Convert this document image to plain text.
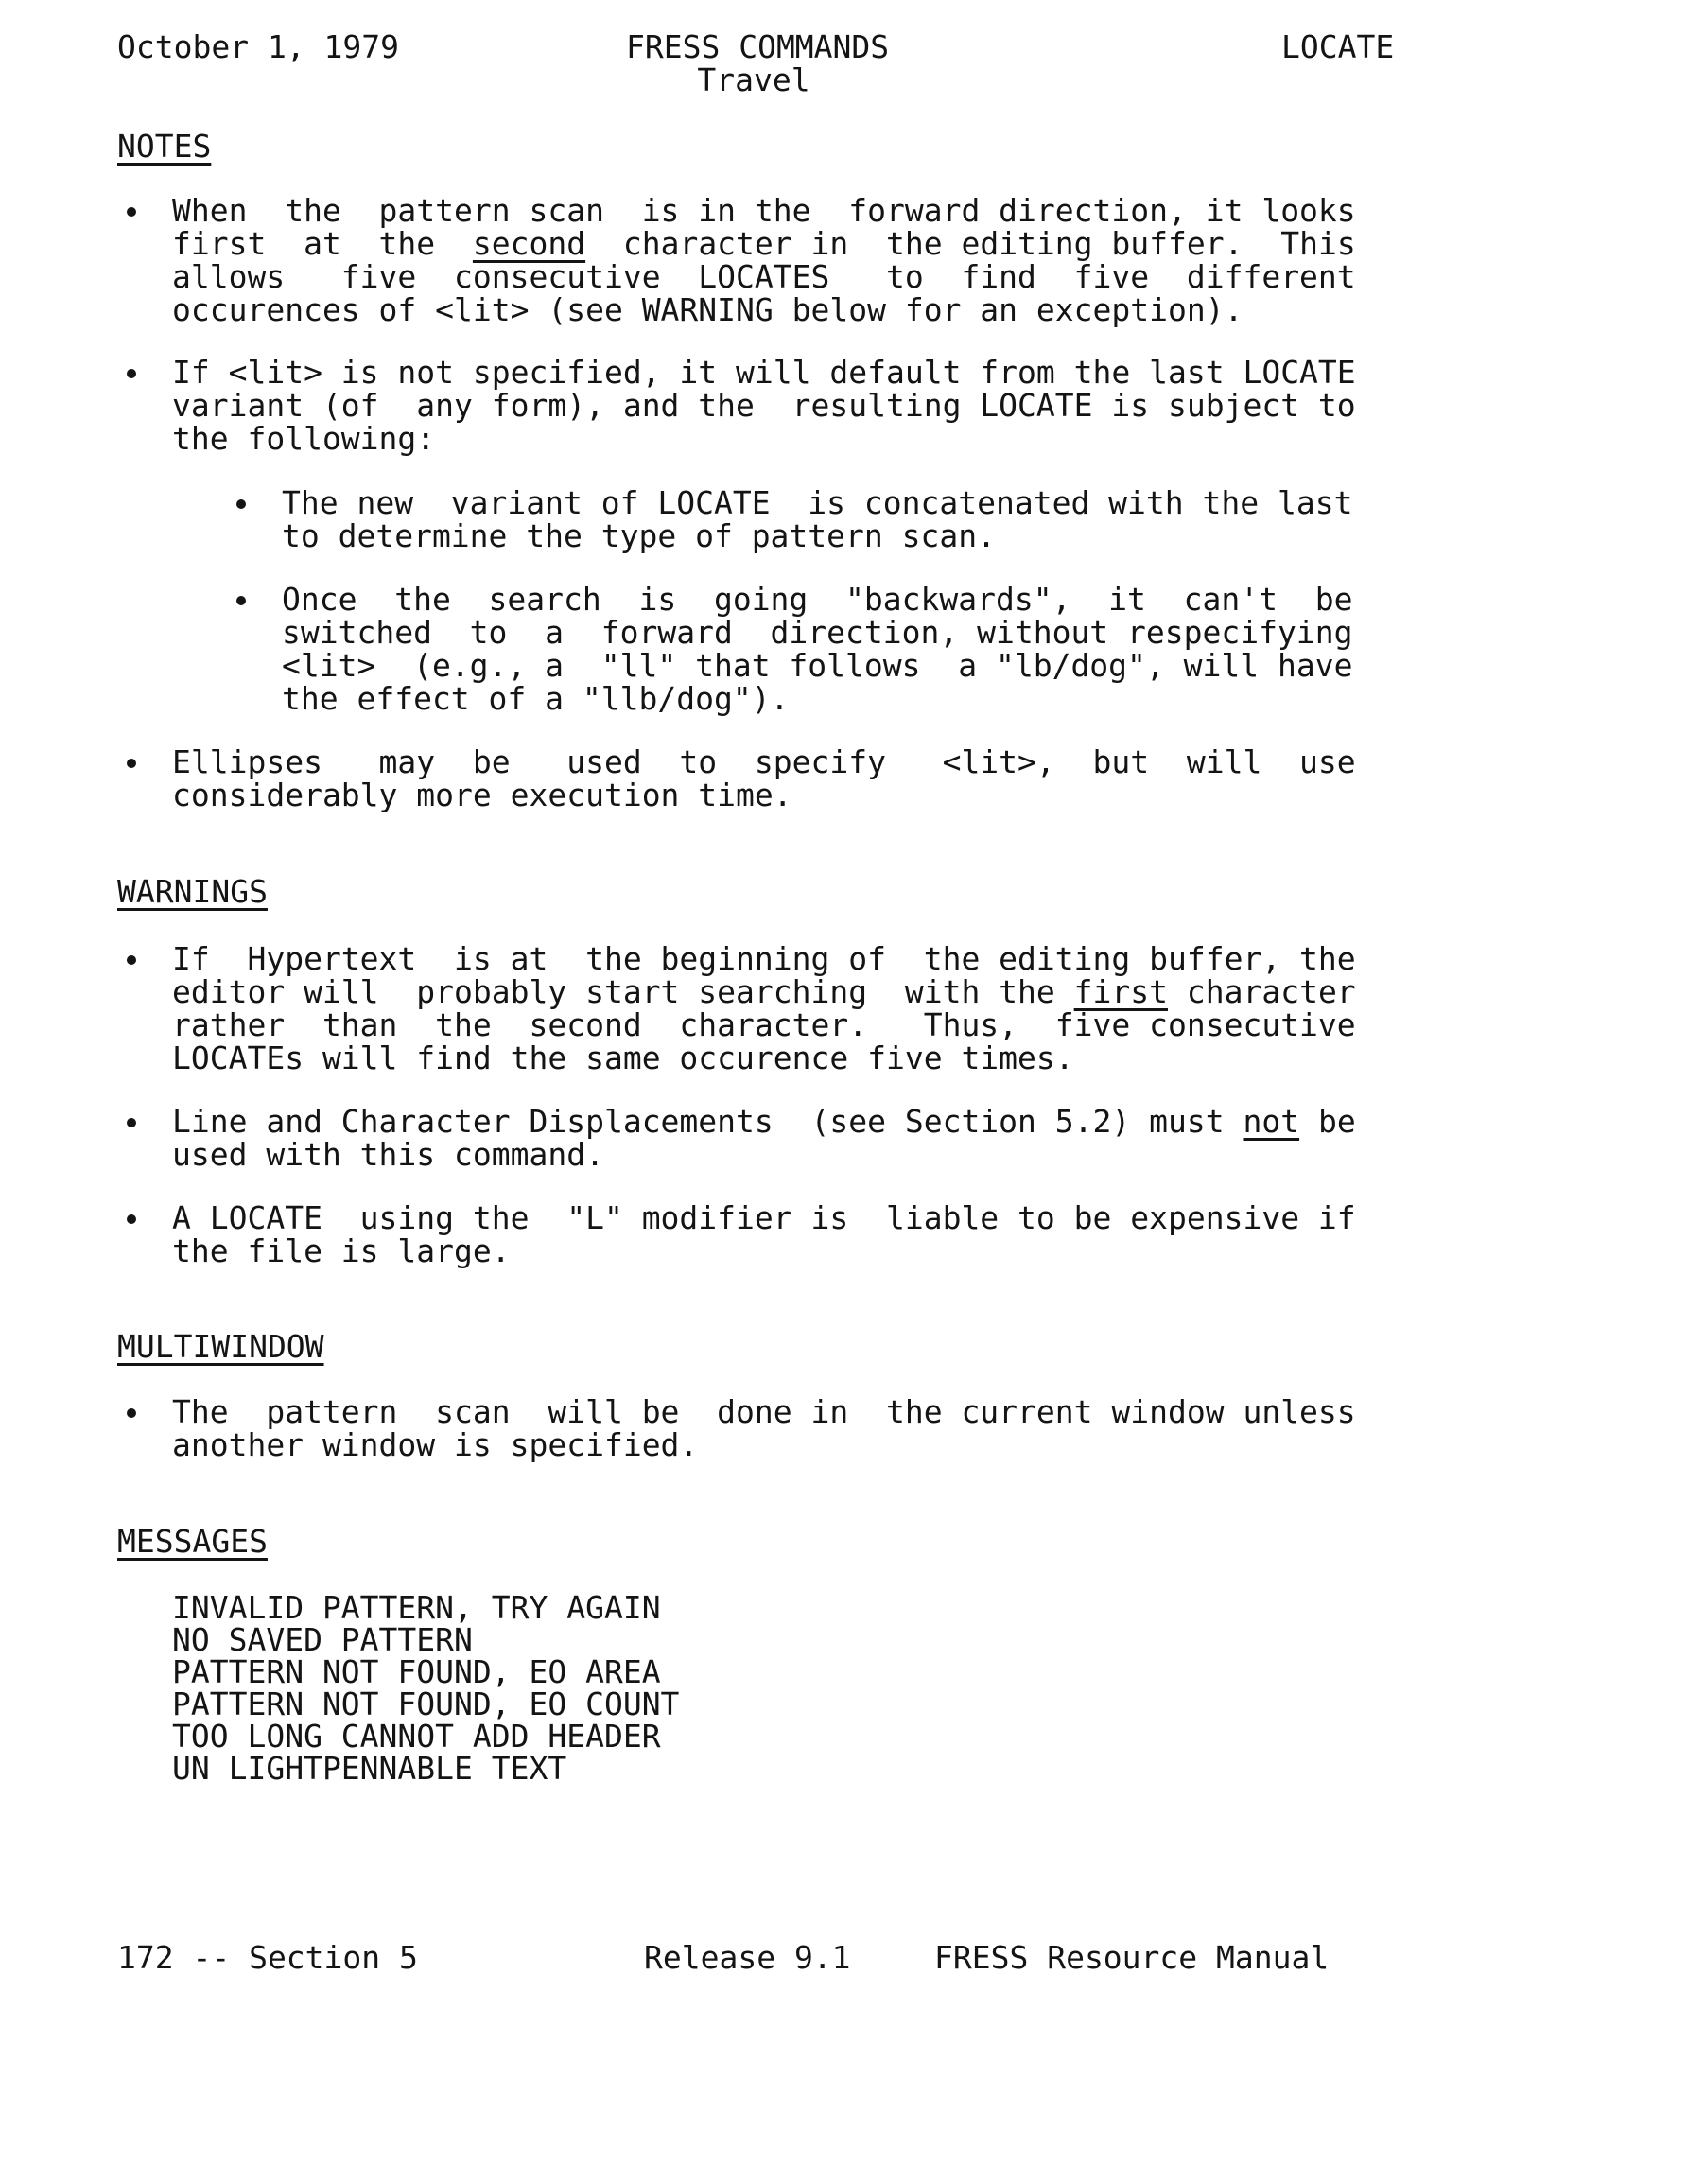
October 1, 1979	FRESS COMMANDS
Travel
LOCATE
NOTES
When  the  pattern scan  is in the  forward direction, it looks
first  at  the  second  character in  the editing buffer.  This
allows   five  consecutive  LOCATES   to  find  five  different
occurences of <lit> (see WARNING below for an exception).
If <lit> is not specified, it will default from the last LOCATE
variant (of  any form), and the  resulting LOCATE is subject to
the following:
The new  variant of LOCATE  is concatenated with the last
to determine the type of pattern scan.
Once  the  search  is  going  "backwards",  it  can't  be
switched  to  a  forward  direction, without respecifying
<lit>  (e.g., a  "ll" that follows  a "lb/dog", will have
the effect of a "llb/dog").
Ellipses   may  be   used  to  specify   <lit>,  but  will  use
considerably more execution time.
WARNINGS
If  Hypertext  is at  the beginning of  the editing buffer, the
editor will  probably start searching  with the first character
rather  than  the  second  character.   Thus,  five consecutive
LOCATEs will find the same occurence five times.
Line and Character Displacements  (see Section 5.2) must not be
used with this command.
A LOCATE  using the  "L" modifier is  liable to be expensive if
the file is large.
MULTIWINDOW
The  pattern  scan  will be  done in  the current window unless
another window is specified.
MESSAGES
INVALID PATTERN, TRY AGAIN
NO SAVED PATTERN
PATTERN NOT FOUND, EO AREA
PATTERN NOT FOUND, EO COUNT
TOO LONG CANNOT ADD HEADER
UN LIGHTPENNABLE TEXT
172 -- Section 5	Release 9.1	FRESS Resource Manual
